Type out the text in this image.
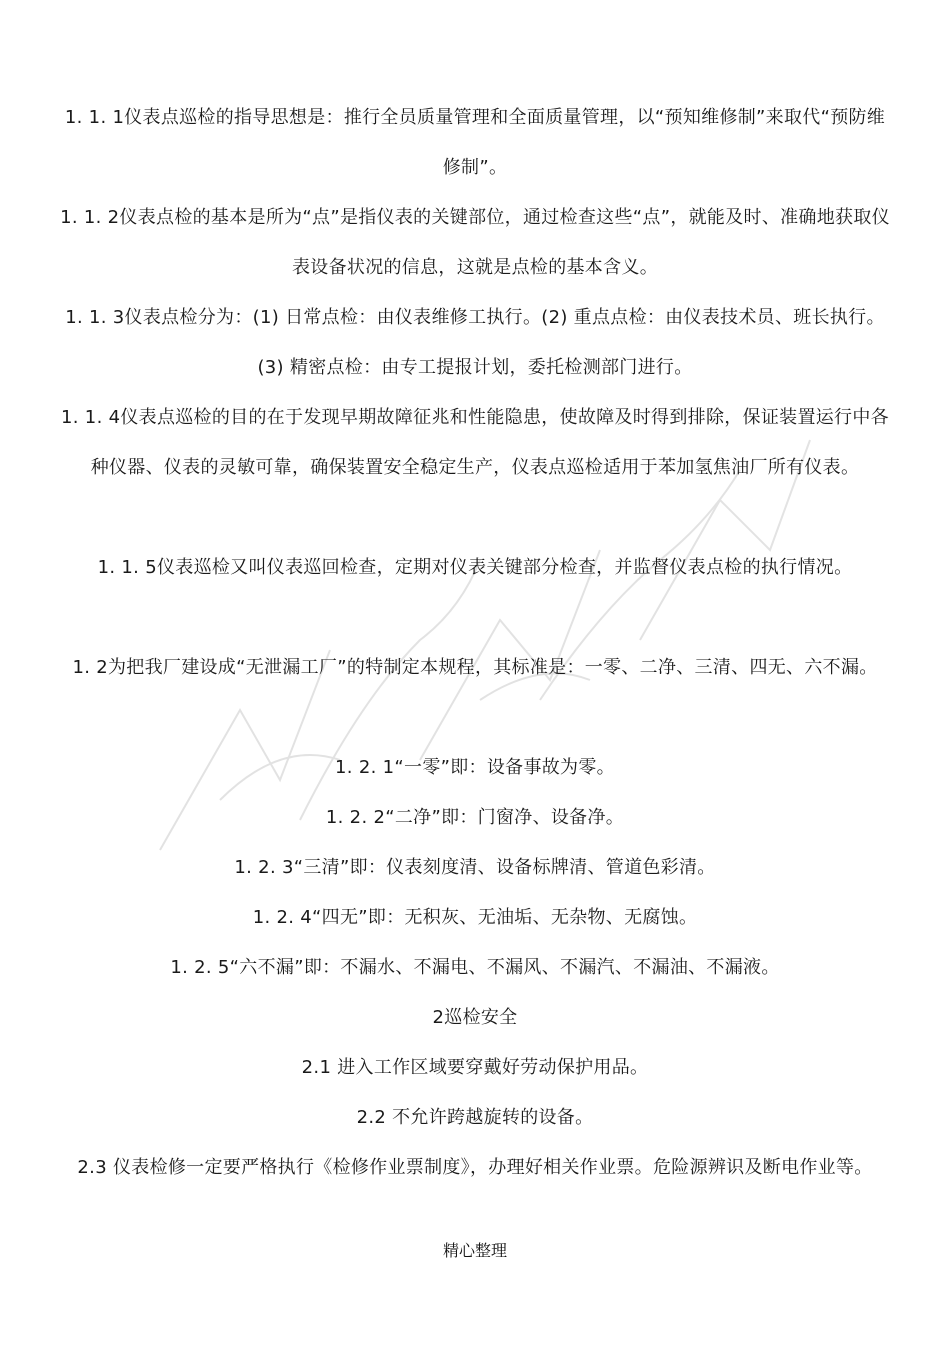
1. 1. 1仪表点巡检的指导思想是：推行全员质量管理和全面质量管理，以“预知维修制”来取代“预防维修制”。

1. 1. 2仪表点检的基本是所为“点”是指仪表的关键部位，通过检查这些“点”，就能及时、准确地获取仪表设备状况的信息，这就是点检的基本含义。

1. 1. 3仪表点检分为：(1) 日常点检：由仪表维修工执行。(2) 重点点检：由仪表技术员、班长执行。(3) 精密点检：由专工提报计划，委托检测部门进行。

1. 1. 4仪表点巡检的目的在于发现早期故障征兆和性能隐患，使故障及时得到排除，保证装置运行中各种仪器、仪表的灵敏可靠，确保装置安全稳定生产，仪表点巡检适用于苯加氢焦油厂所有仪表。

1. 1. 5仪表巡检又叫仪表巡回检查，定期对仪表关键部分检查，并监督仪表点检的执行情况。

1. 2为把我厂建设成“无泄漏工厂”的特制定本规程，其标准是：一零、二净、三清、四无、六不漏。

1. 2. 1“一零”即：设备事故为零。

1. 2. 2“二净”即：门窗净、设备净。

1. 2. 3“三清”即：仪表刻度清、设备标牌清、管道色彩清。

1. 2. 4“四无”即：无积灰、无油垢、无杂物、无腐蚀。

1. 2. 5“六不漏”即：不漏水、不漏电、不漏风、不漏汽、不漏油、不漏液。

2巡检安全

2.1 进入工作区域要穿戴好劳动保护用品。

2.2 不允许跨越旋转的设备。

2.3 仪表检修一定要严格执行《检修作业票制度》，办理好相关作业票。危险源辨识及断电作业等。

精心整理
